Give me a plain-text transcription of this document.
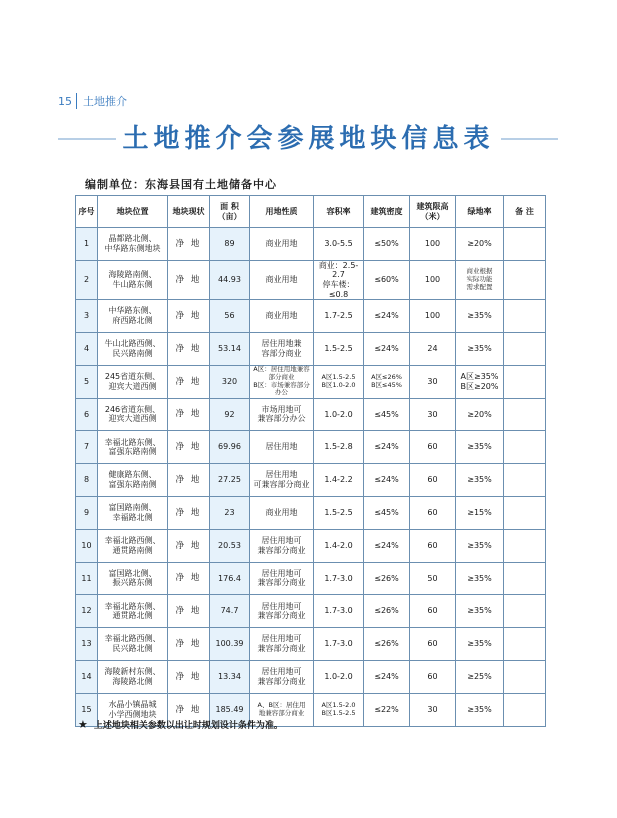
15 土地推介
土地推介会参展地块信息表
编制单位：东海县国有土地储备中心
序号	地块位置	地块现状	面 积
（亩）	用地性质	容积率	建筑密度	建筑限高
（米）	绿地率	备 注
1	晶都路北侧、
中华路东侧地块	净 地	89	商业用地	3.0-5.5	≤50%	100	≥20%	
2	海陵路南侧、
牛山路东侧	净 地	44.93	商业用地	商业：2.5-2.7
停车楼：≤0.8	≤60%	100	商业根据
实际功能
需求配置	
3	中华路东侧、
府西路北侧	净 地	56	商业用地	1.7-2.5	≤24%	100	≥35%	
4	牛山北路西侧、
民兴路南侧	净 地	53.14	居住用地兼
容部分商业	1.5-2.5	≤24%	24	≥35%	
5	245省道东侧、
迎宾大道西侧	净 地	320	A区：居住用地兼容
部分商业
B区：市场兼容部分办公	A区1.5-2.5
B区1.0-2.0	A区≤26%
B区≤45%	30	A区≥35%
B区≥20%	
6	246省道东侧、
迎宾大道西侧	净 地	92	市场用地可
兼容部分办公	1.0-2.0	≤45%	30	≥20%	
7	幸福北路东侧、
富强东路南侧	净 地	69.96	居住用地	1.5-2.8	≤24%	60	≥35%	
8	健康路东侧、
富强东路南侧	净 地	27.25	居住用地
可兼容部分商业	1.4-2.2	≤24%	60	≥35%	
9	富国路南侧、
幸福路北侧	净 地	23	商业用地	1.5-2.5	≤45%	60	≥15%	
10	幸福北路西侧、
通贯路南侧	净 地	20.53	居住用地可
兼容部分商业	1.4-2.0	≤24%	60	≥35%	
11	富国路北侧、
振兴路东侧	净 地	176.4	居住用地可
兼容部分商业	1.7-3.0	≤26%	50	≥35%	
12	幸福北路东侧、
通贯路北侧	净 地	74.7	居住用地可
兼容部分商业	1.7-3.0	≤26%	60	≥35%	
13	幸福北路西侧、
民兴路北侧	净 地	100.39	居住用地可
兼容部分商业	1.7-3.0	≤26%	60	≥35%	
14	海陵新村东侧、
海陵路北侧	净 地	13.34	居住用地可
兼容部分商业	1.0-2.0	≤24%	60	≥25%	
15	水晶小镇晶城
小学西侧地块	净 地	185.49	A、B区：居住用
地兼容部分商业	A区1.5-2.0
B区1.5-2.5	≤22%	30	≥35%	
★ 上述地块相关参数以出让时规划设计条件为准。
